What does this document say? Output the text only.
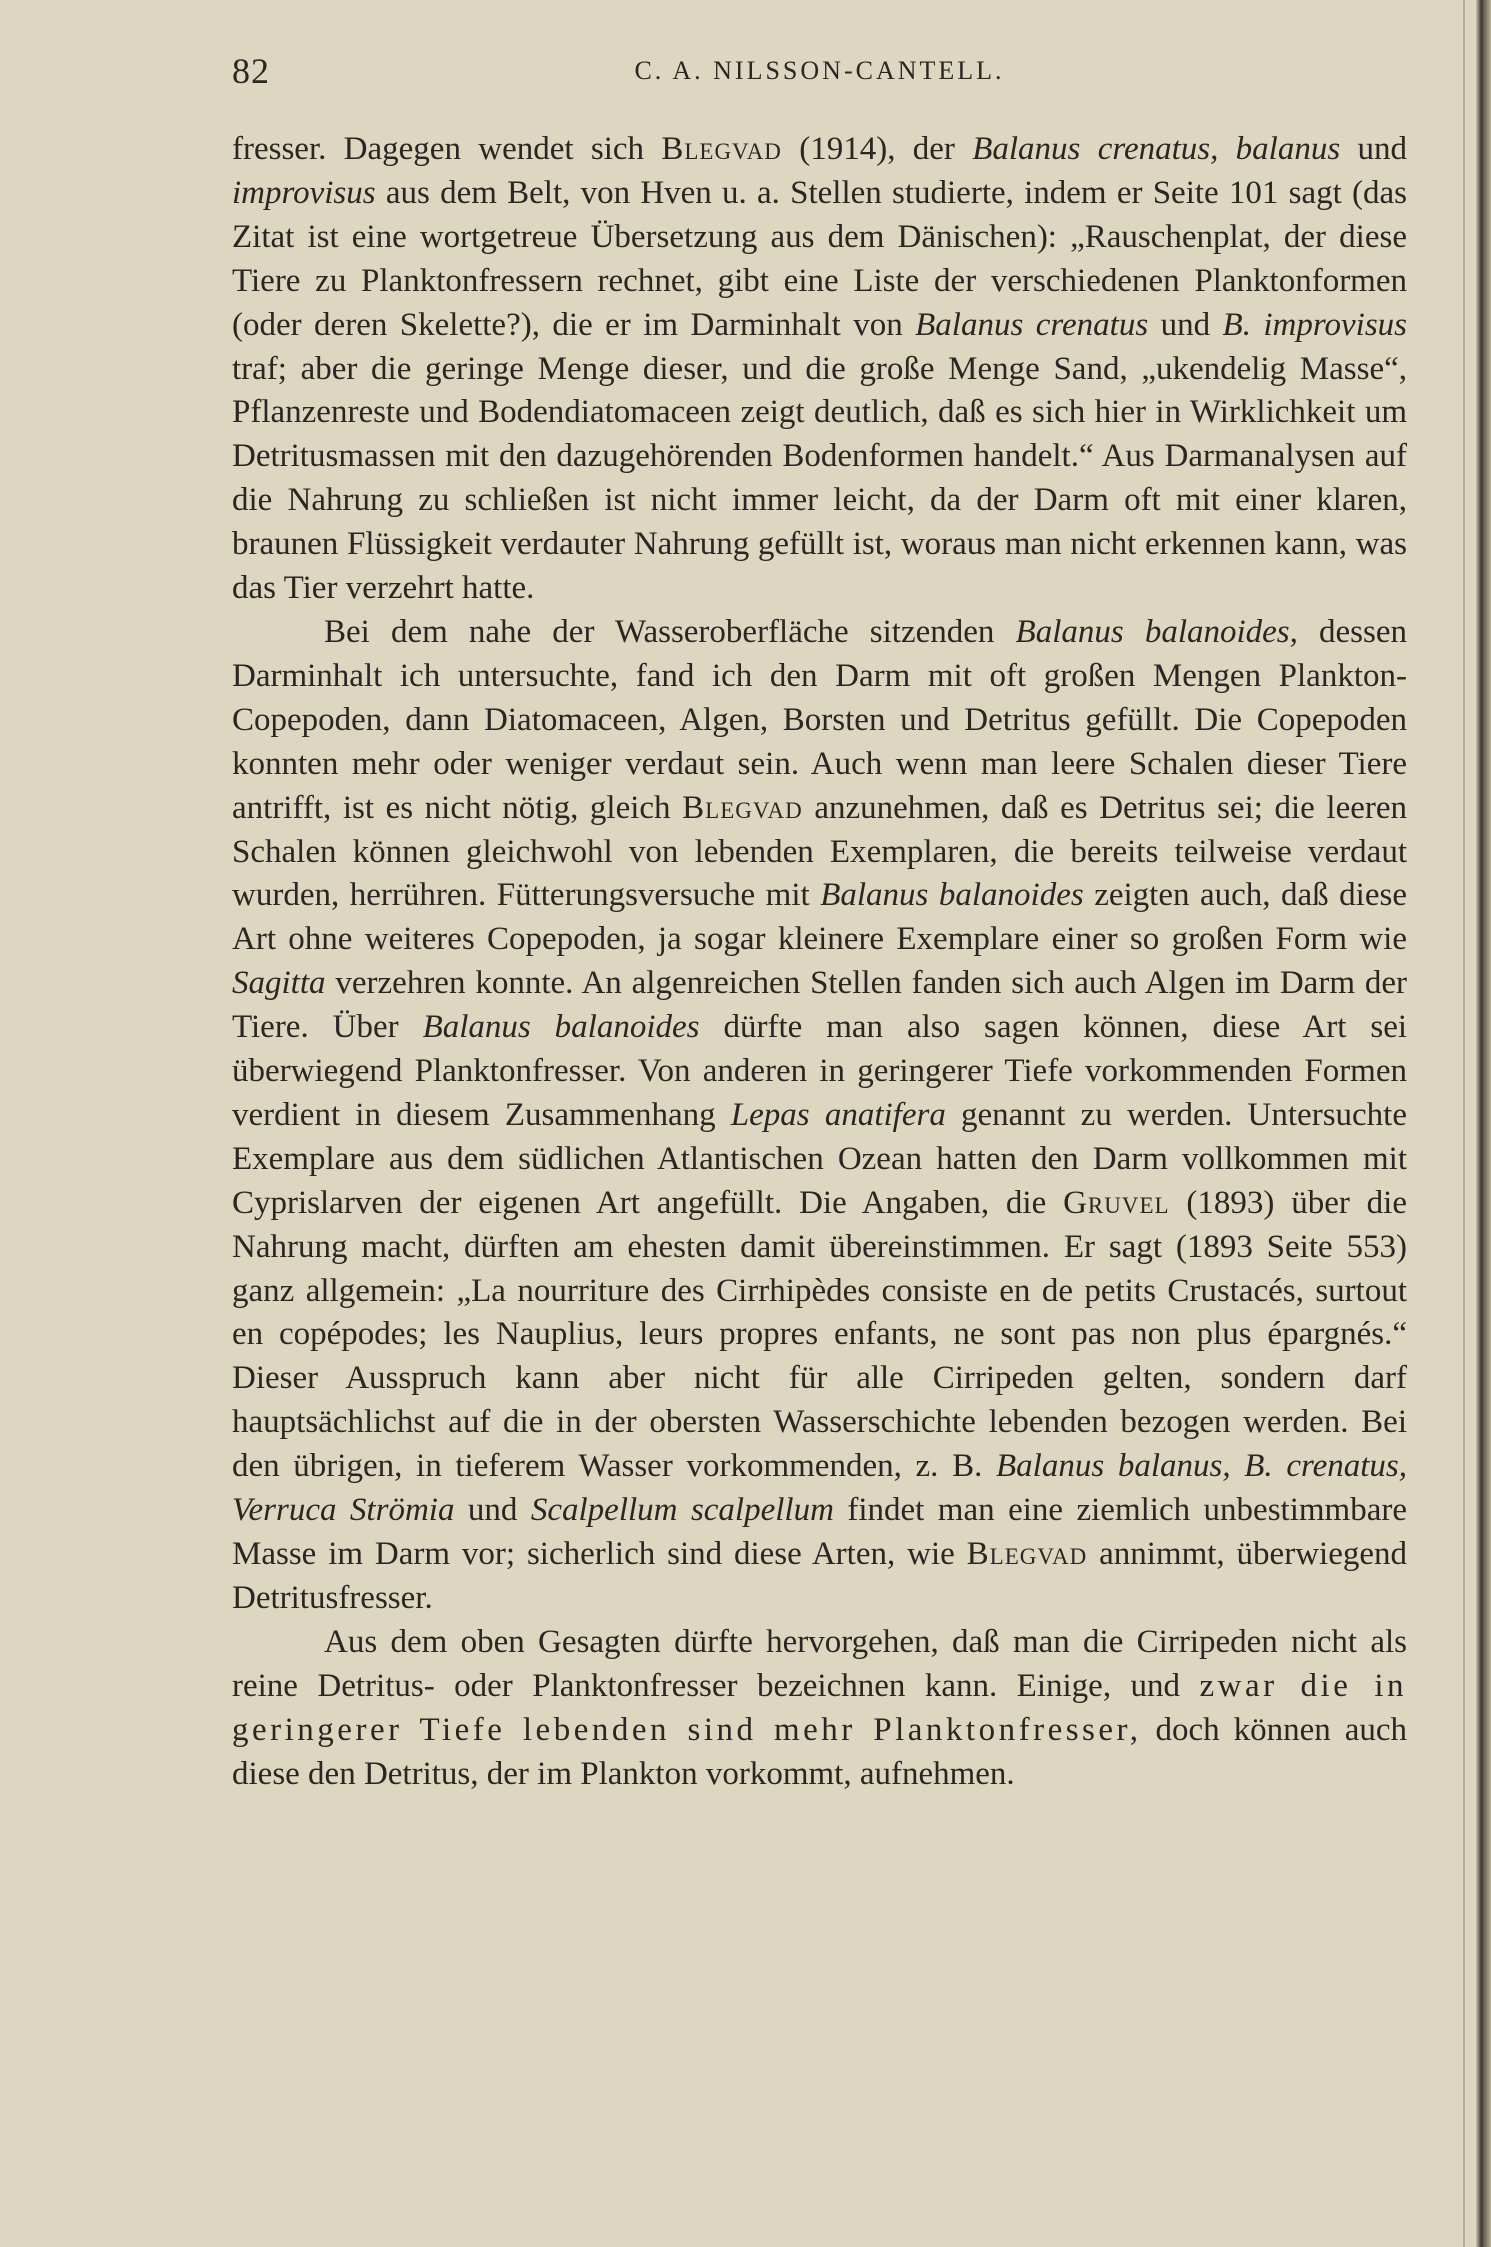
82	C. A. NILSSON-CANTELL.

fresser. Dagegen wendet sich Blegvad (1914), der Balanus crenatus, balanus und improvisus aus dem Belt, von Hven u. a. Stellen studierte, indem er Seite 101 sagt (das Zitat ist eine wortgetreue Übersetzung aus dem Dänischen): „Rauschenplat, der diese Tiere zu Planktonfressern rechnet, gibt eine Liste der verschiedenen Planktonformen (oder deren Skelette?), die er im Darminhalt von Balanus crenatus und B. improvisus traf; aber die geringe Menge dieser, und die große Menge Sand, „ukendelig Masse“, Pflanzenreste und Bodendiatomaceen zeigt deutlich, daß es sich hier in Wirklichkeit um Detritusmassen mit den dazugehörenden Bodenformen handelt.“ Aus Darmanalysen auf die Nahrung zu schließen ist nicht immer leicht, da der Darm oft mit einer klaren, braunen Flüssigkeit verdauter Nahrung gefüllt ist, woraus man nicht erkennen kann, was das Tier verzehrt hatte.

Bei dem nahe der Wasseroberfläche sitzenden Balanus balanoides, dessen Darminhalt ich untersuchte, fand ich den Darm mit oft großen Mengen Plankton-Copepoden, dann Diatomaceen, Algen, Borsten und Detritus gefüllt. Die Copepoden konnten mehr oder weniger verdaut sein. Auch wenn man leere Schalen dieser Tiere antrifft, ist es nicht nötig, gleich Blegvad anzunehmen, daß es Detritus sei; die leeren Schalen können gleichwohl von lebenden Exemplaren, die bereits teilweise verdaut wurden, herrühren. Fütterungsversuche mit Balanus balanoides zeigten auch, daß diese Art ohne weiteres Copepoden, ja sogar kleinere Exemplare einer so großen Form wie Sagitta verzehren konnte. An algenreichen Stellen fanden sich auch Algen im Darm der Tiere. Über Balanus balanoides dürfte man also sagen können, diese Art sei überwiegend Planktonfresser. Von anderen in geringerer Tiefe vorkommenden Formen verdient in diesem Zusammenhang Lepas anatifera genannt zu werden. Untersuchte Exemplare aus dem südlichen Atlantischen Ozean hatten den Darm vollkommen mit Cyprislarven der eigenen Art angefüllt. Die Angaben, die Gruvel (1893) über die Nahrung macht, dürften am ehesten damit übereinstimmen. Er sagt (1893 Seite 553) ganz allgemein: „La nourriture des Cirrhipèdes consiste en de petits Crustacés, surtout en copépodes; les Nauplius, leurs propres enfants, ne sont pas non plus épargnés.“ Dieser Ausspruch kann aber nicht für alle Cirripeden gelten, sondern darf hauptsächlichst auf die in der obersten Wasserschichte lebenden bezogen werden. Bei den übrigen, in tieferem Wasser vorkommenden, z. B. Balanus balanus, B. crenatus, Verruca Strömia und Scalpellum scalpellum findet man eine ziemlich unbestimmbare Masse im Darm vor; sicherlich sind diese Arten, wie Blegvad annimmt, überwiegend Detritusfresser.

Aus dem oben Gesagten dürfte hervorgehen, daß man die Cirripeden nicht als reine Detritus- oder Planktonfresser bezeichnen kann. Einige, und zwar die in geringerer Tiefe lebenden sind mehr Planktonfresser, doch können auch diese den Detritus, der im Plankton vorkommt, aufnehmen.
